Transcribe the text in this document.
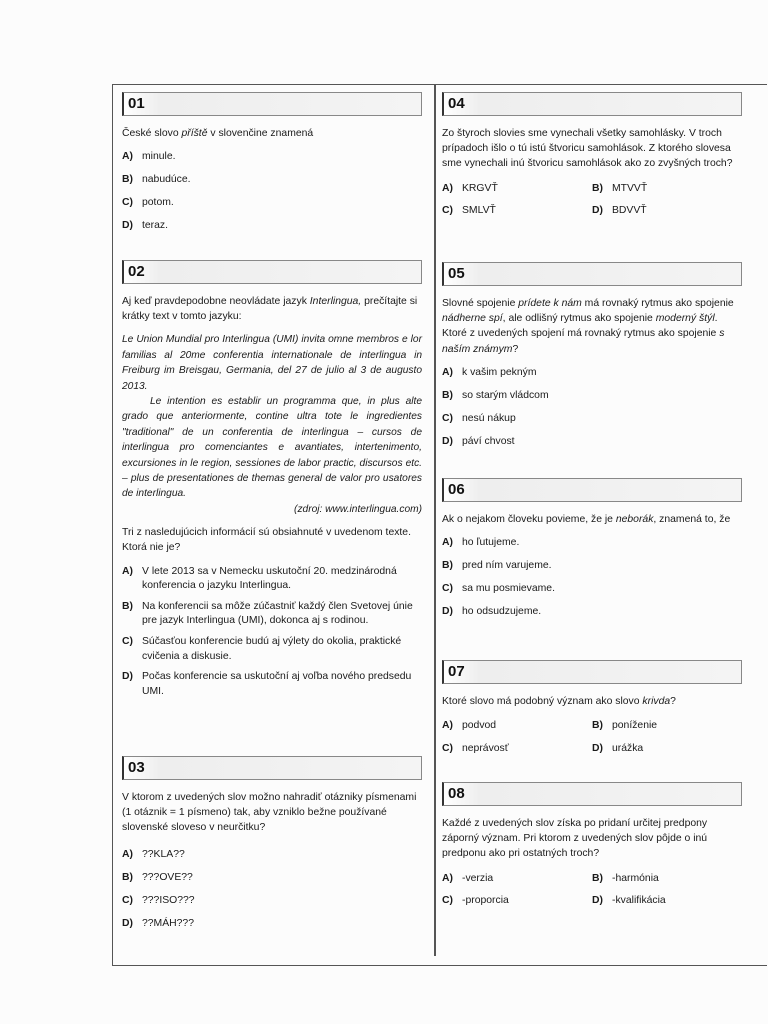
01
České slovo příště v slovenčine znamená
A) minule.
B) nabudúce.
C) potom.
D) teraz.
02
Aj keď pravdepodobne neovládate jazyk Interlingua, prečítajte si krátky text v tomto jazyku:
Le Union Mundial pro Interlingua (UMI) invita omne membros e lor familias al 20me conferentia internationale de interlingua in Freiburg im Breisgau, Germania, del 27 de julio al 3 de augusto 2013.
Le intention es establir un programma que, in plus alte grado que anteriormente, contine ultra tote le ingredientes "traditional" de un conferentia de interlingua – cursos de interlingua pro comenciantes e avantiates, intertenimento, excursiones in le region, sessiones de labor practic, discursos etc. – plus de presentationes de themas general de valor pro usatores de interlingua.
(zdroj: www.interlingua.com)
Tri z nasledujúcich informácií sú obsiahnuté v uvedenom texte. Ktorá nie je?
A) V lete 2013 sa v Nemecku uskutoční 20. medzinárodná konferencia o jazyku Interlingua.
B) Na konferencii sa môže zúčastniť každý člen Svetovej únie pre jazyk Interlingua (UMI), dokonca aj s rodinou.
C) Súčasťou konferencie budú aj výlety do okolia, praktické cvičenia a diskusie.
D) Počas konferencie sa uskutoční aj voľba nového predsedu UMI.
03
V ktorom z uvedených slov možno nahradiť otázniky písmenami (1 otáznik = 1 písmeno) tak, aby vzniklo bežne používané slovenské sloveso v neurčitku?
A) ??KLA??
B) ???OVE??
C) ???ISO???
D) ??MÁH???
04
Zo štyroch slovies sme vynechali všetky samohlásky. V troch prípadoch išlo o tú istú štvoricu samohlások. Z ktorého slovesa sme vynechali inú štvoricu samohlások ako zo zvyšných troch?
A) KRGVŤ	B) MTVVŤ
C) SMLVŤ	D) BDVVŤ
05
Slovné spojenie prídete k nám má rovnaký rytmus ako spojenie nádherne spí, ale odlišný rytmus ako spojenie moderný štýl. Ktoré z uvedených spojení má rovnaký rytmus ako spojenie s naším známym?
A) k vašim pekným
B) so starým vládcom
C) nesú nákup
D) páví chvost
06
Ak o nejakom človeku povieme, že je neborák, znamená to, že
A) ho ľutujeme.
B) pred ním varujeme.
C) sa mu posmievame.
D) ho odsudzujeme.
07
Ktoré slovo má podobný význam ako slovo krivda?
A) podvod	B) poníženie
C) neprávosť	D) urážka
08
Každé z uvedených slov získa po pridaní určitej predpony záporný význam. Pri ktorom z uvedených slov pôjde o inú predponu ako pri ostatných troch?
A) -verzia	B) -harmónia
C) -proporcia	D) -kvalifikácia
